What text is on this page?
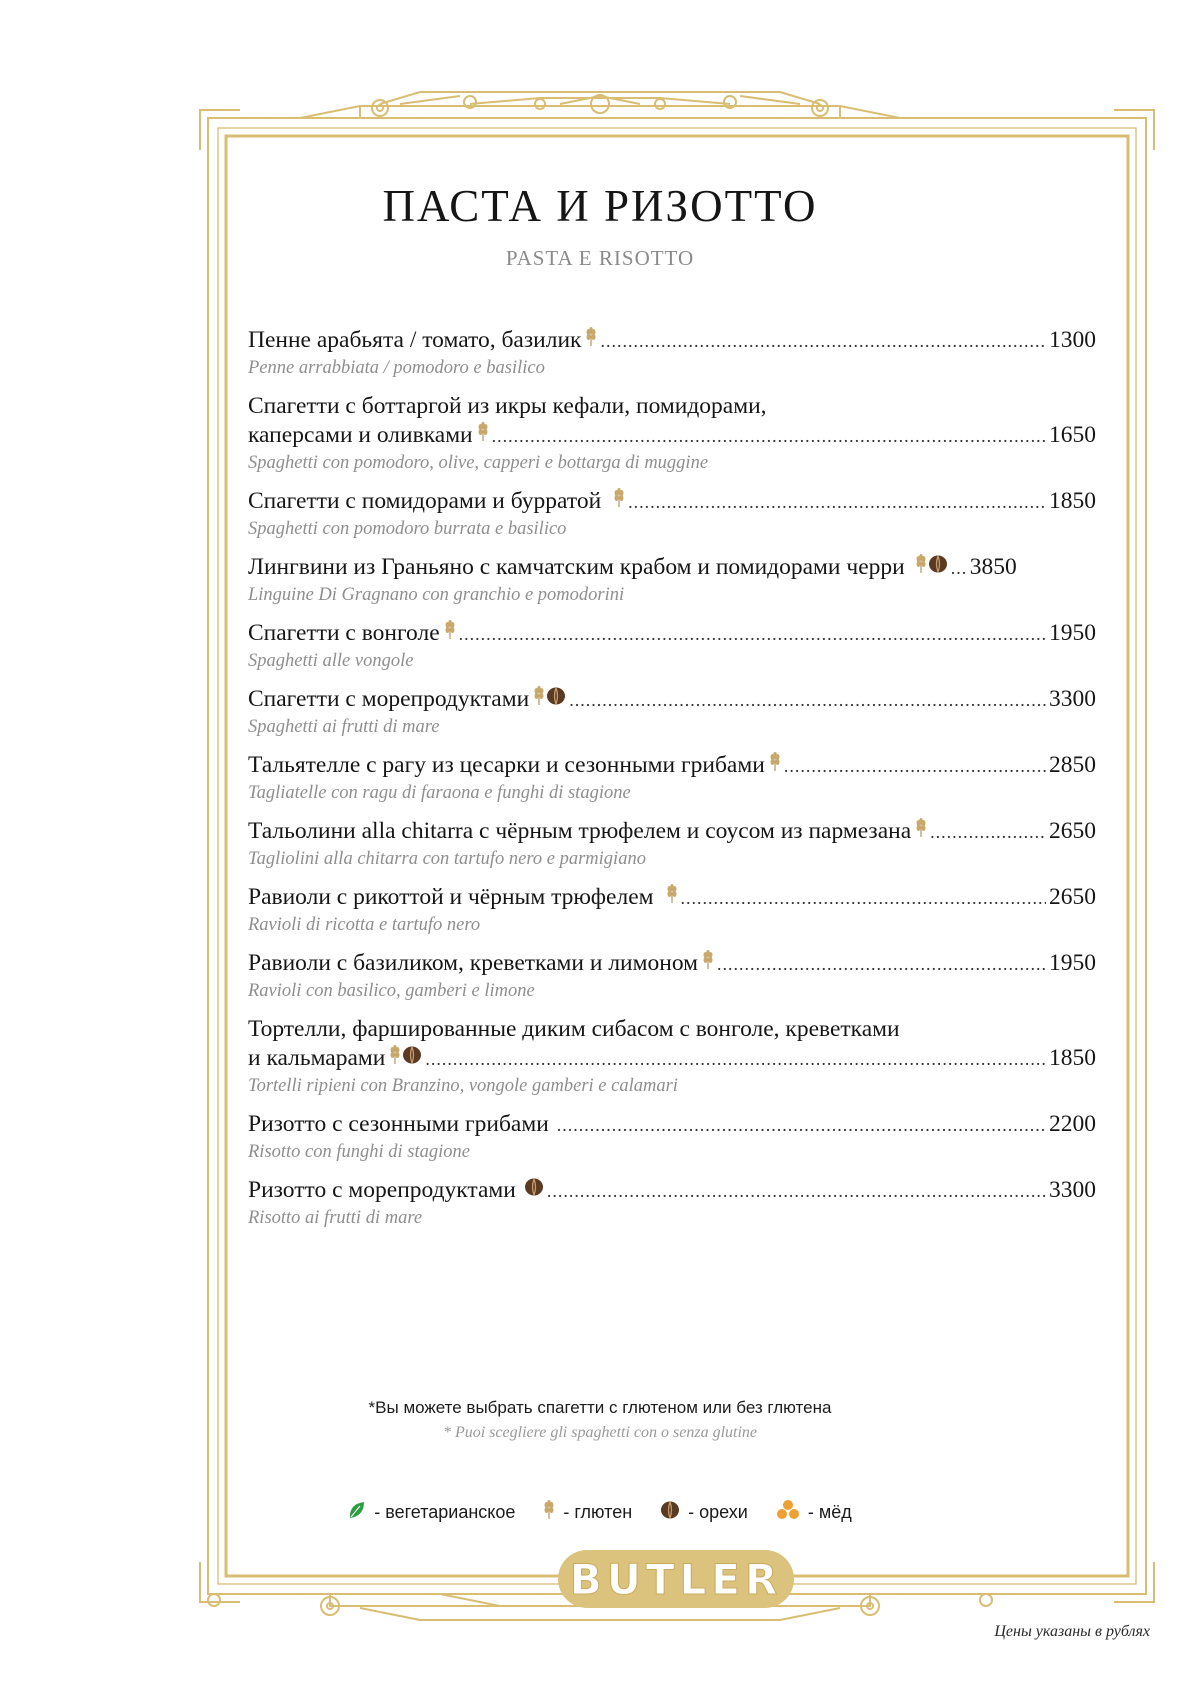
ПАСТА И РИЗОТТО
PASTA E RISOTTO
Пенне арабьята / томато, базилик .....	1300
Penne arrabbiata / pomodoro e basilico
Спагетти с боттаргой из икры кефали, помидорами,
каперсами и оливками .....	1650
Spaghetti con pomodoro, olive, capperi e bottarga di muggine
Спагетти с помидорами и бурратой .....	1850
Spaghetti con pomodoro burrata e basilico
Лингвини из Граньяно с камчатским крабом и помидорами черри .....	3850
Linguine Di Gragnano con granchio e pomodorini
Спагетти с вонголе .....	1950
Spaghetti alle vongole
Спагетти с морепродуктами .....	3300
Spaghetti ai frutti di mare
Тальятелле с рагу из цесарки и сезонными грибами .....	2850
Tagliatelle con ragu di faraona e funghi di stagione
Тальолини alla chitarra с чёрным трюфелем и соусом из пармезана .....	2650
Tagliolini alla chitarra con tartufo nero e parmigiano
Равиоли с рикоттой и чёрным трюфелем .....	2650
Ravioli di ricotta e tartufo nero
Равиоли с базиликом, креветками и лимоном .....	1950
Ravioli con basilico, gamberi e limone
Тортелли, фаршированные диким сибасом с вонголе, креветками
и кальмарами .....	1850
Tortelli ripieni con Branzino, vongole gamberi e calamari
Ризотто с сезонными грибами .....	2200
Risotto con funghi di stagione
Ризотто с морепродуктами .....	3300
Risotto ai frutti di mare
*Вы можете выбрать спагетти с глютеном или без глютена
* Puoi scegliere gli spaghetti con o senza glutine
- вегетарианское	- глютен	- орехи	- мёд
BUTLER
Цены указаны в рублях
